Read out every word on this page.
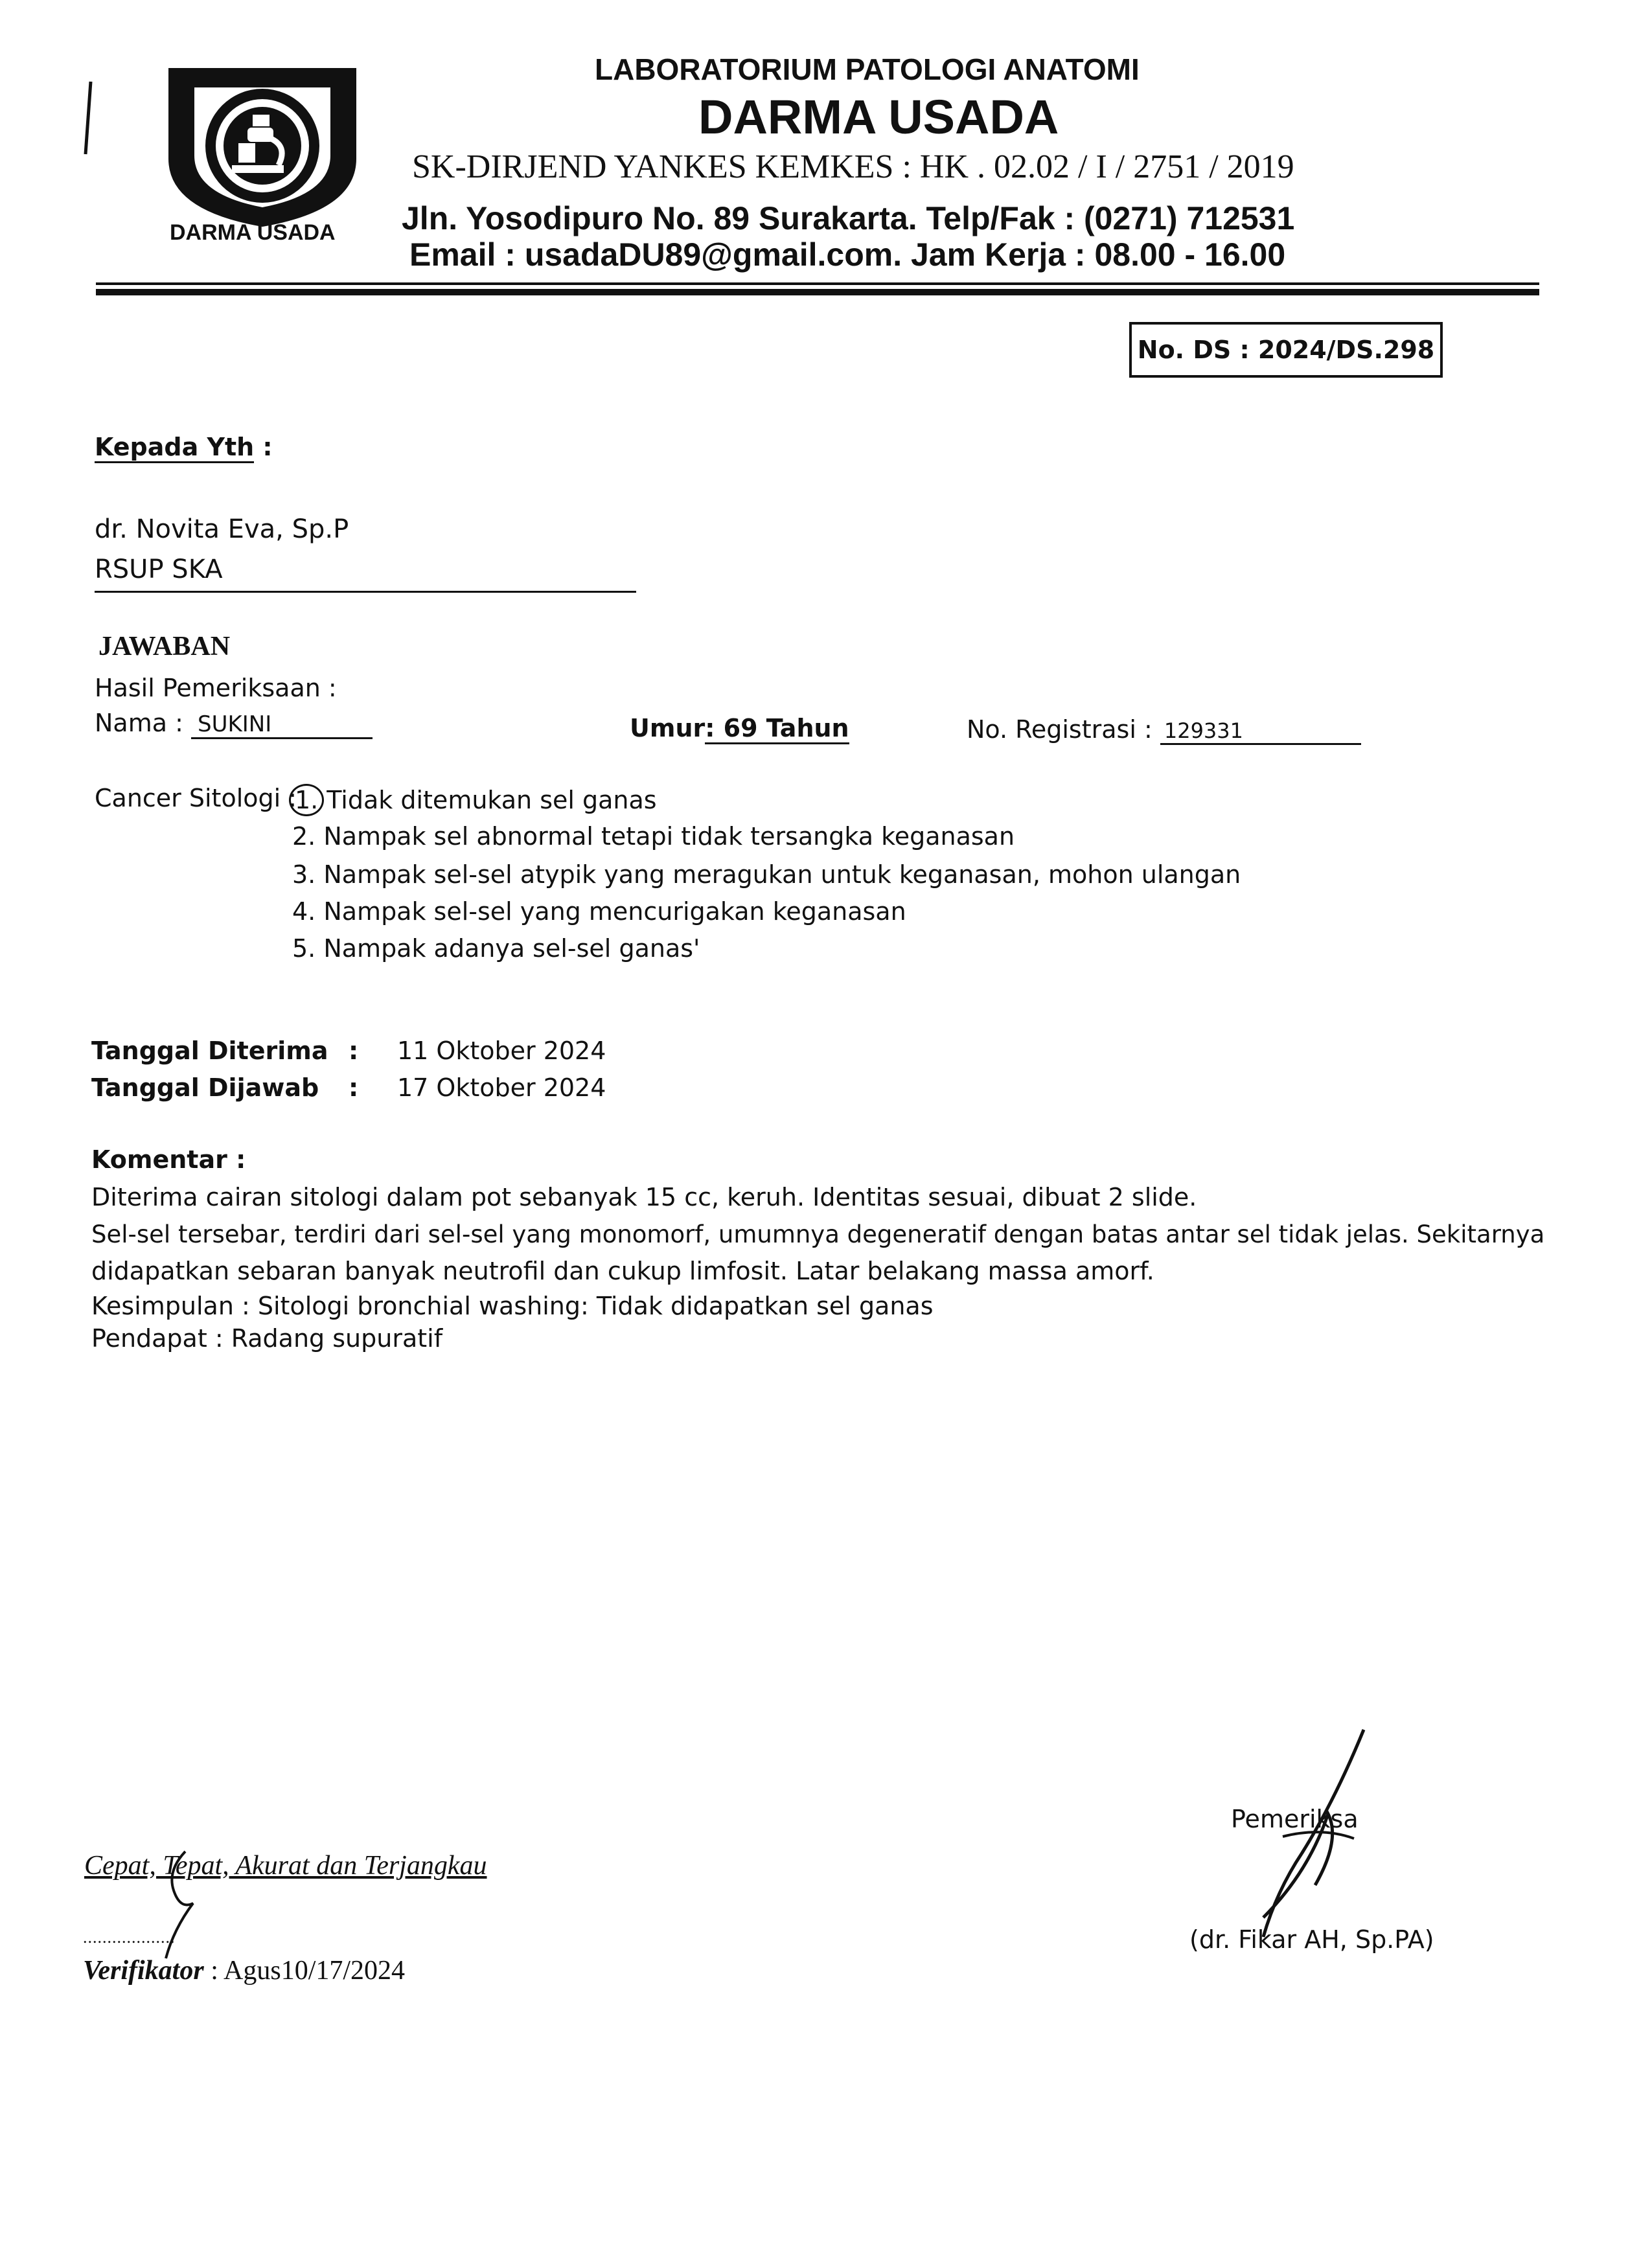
DARMA USADA
LABORATORIUM PATOLOGI ANATOMI
DARMA USADA
SK-DIRJEND YANKES KEMKES : HK . 02.02 / I / 2751 / 2019
Jln. Yosodipuro No. 89 Surakarta. Telp/Fak : (0271) 712531
Email : usadaDU89@gmail.com. Jam Kerja : 08.00 - 16.00
No. DS : 2024/DS.298
Kepada Yth :
dr. Novita Eva, Sp.P
RSUP SKA
JAWABAN
Hasil Pemeriksaan :
Nama : SUKINI	Umur: 69 Tahun	No. Registrasi : 129331
Cancer Sitologi :
1. Tidak ditemukan sel ganas
2. Nampak sel abnormal tetapi tidak tersangka keganasan
3. Nampak sel-sel atypik yang meragukan untuk keganasan, mohon ulangan
4. Nampak sel-sel yang mencurigakan keganasan
5. Nampak adanya sel-sel ganas'
Tanggal Diterima : 11 Oktober 2024
Tanggal Dijawab : 17 Oktober 2024
Komentar :
Diterima cairan sitologi dalam pot sebanyak 15 cc, keruh. Identitas sesuai, dibuat 2 slide.
Sel-sel tersebar, terdiri dari sel-sel yang monomorf, umumnya degeneratif dengan batas antar sel tidak jelas. Sekitarnya
didapatkan sebaran banyak neutrofil dan cukup limfosit. Latar belakang massa amorf.
Kesimpulan : Sitologi bronchial washing: Tidak didapatkan sel ganas
Pendapat : Radang supuratif
Cepat, Tepat, Akurat dan Terjangkau
...................
Verifikator : Agus10/17/2024
Pemeriksa
(dr. Fikar AH, Sp.PA)
